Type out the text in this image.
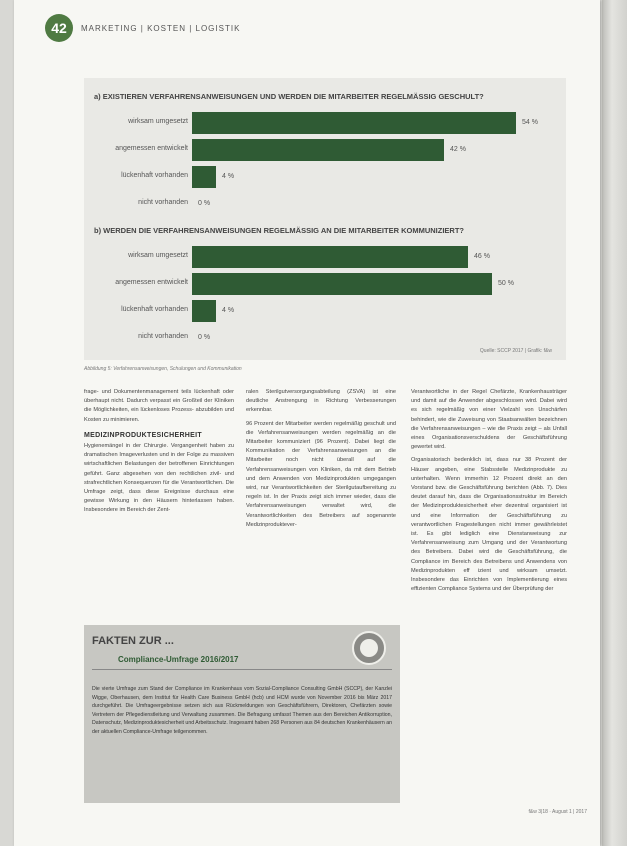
42	MARKETING | KOSTEN | LOGISTIK
a) EXISTIEREN VERFAHRENSANWEISUNGEN UND WERDEN DIE MITARBEITER REGELMÄSSIG GESCHULT?
wirksam umgesetzt	54 %
angemessen entwickelt	42 %
lückenhaft vorhanden	4 %
nicht vorhanden 0 %
b) WERDEN DIE VERFAHRENSANWEISUNGEN REGELMÄSSIG AN DIE MITARBEITER KOMMUNIZIERT?
wirksam umgesetzt	46 %
angemessen entwickelt	50 %
lückenhaft vorhanden	4 %
nicht vorhanden 0 %
Quelle: SCCP 2017 | Grafik: f&w
Abbildung 5: Verfahrensanweisungen, Schulungen und Kommunikation

frage- und Dokumentenmanagement teils lückenhaft oder überhaupt nicht. Dadurch verpasst ein Großteil der Kliniken die Möglichkeiten, ein lückenloses Prozess- abzubilden und Kosten zu minimieren.

MEDIZINPRODUKTESICHERHEIT

Hygienemängel in der Chirurgie. Vergangenheit haben zu dramatischen Imageverlusten und in der Folge zu massiven wirtschaftlichen Belastungen der betroffenen Einrichtungen geführt. Ganz abgesehen von den rechtlichen zivil- und strafrechtlichen Konsequenzen für die Verantwortlichen. Die Umfrage zeigt, dass diese Ereignisse durchaus eine gewisse Wirkung in den Häusern hinterlassen haben. Insbesondere im Bereich der Zent-

ralen Sterilgutversorgungsabteilung (ZSVA) ist eine deutliche Anstrengung in Richtung Verbesserungen erkennbar.

96 Prozent der Mitarbeiter werden regelmäßig geschult und die Verfahrensanweisungen werden regelmäßig an die Mitarbeiter kommuniziert (96 Prozent). Dabei liegt die Kommunikation der Verfahrensanweisungen an die Mitarbeiter noch nicht überall auf die Verfahrensanweisungen von Kliniken, da mit dem Betrieb und dem Anwenden von Medizinprodukten umgegangen wird, nur Verantwortlichkeiten der Sterilgutaufbereitung zu regeln ist. In der Praxis zeigt sich immer wieder, dass die Verfahrensanweisungen verwaltet wird, die Verantwortlichkeiten des Betreibers auf sogenannte Medizinproduktever-

Verantwortliche in der Regel Chefärzte, Krankenhausträger und damit auf die Anwender abgeschlossen wird. Dabei wird es sich regelmäßig von einer Vielzahl von Unschärfen behindert, wie die Zuweisung von Staatsanwälten bezeichnen die Verfahrensanweisungen – wie die Praxis zeigt – als Unfall eines Organisationsverschuldens der Geschäftsführung gewertet wird.

Organisatorisch bedenklich ist, dass nur 38 Prozent der Häuser angeben, eine Stabsstelle Medizinprodukte zu unterhalten. Wenn immerhin 12 Prozent direkt an den Vorstand bzw. die Geschäftsführung berichten (Abb. 7). Dies deutet darauf hin, dass die Organisationsstruktur im Bereich der Medizinproduktesicherheit eher dezentral organisiert ist und eine Information der Geschäftsführung zu verantwortlichen Fragestellungen nicht immer gewährleistet ist. Es gibt lediglich eine Dienstanweisung zur Verfahrensanweisung zum Umgang und der Verantwortung des Betreibers. Dabei wird die Geschäftsführung, die Compliance im Bereich des Betreibens und Anwendens von Medizinprodukten eff izient und wirksam umsetzt. Insbesondere das Einrichten von Implementierung eines effizienten Compliance Systems und der Überprüfung der

FAKTEN ZUR ...
Compliance-Umfrage 2016/2017
Die vierte Umfrage zum Stand der Compliance im Krankenhaus vom Sozial-Compliance Consulting GmbH (SCCP), der Kanzlei Wigge, Oberhausen, dem Institut für Health Care Business GmbH (hcb) und HCM wurde von November 2016 bis März 2017 durchgeführt. Die Umfrageergebnisse setzen sich aus Rückmeldungen von Geschäftsführern, Direktoren, Chefärzten sowie Vertretern der Pflegedienstleitung und Verwaltung zusammen. Die Befragung umfasst Themen aus den Bereichen Antikorruption, Datenschutz, Medizinproduktesicherheit und Arbeitsschutz. Insgesamt haben 268 Personen aus 84 deutschen Krankenhäusern an der aktuellen Compliance-Umfrage teilgenommen.
f&w 3|18 · August 1 | 2017
